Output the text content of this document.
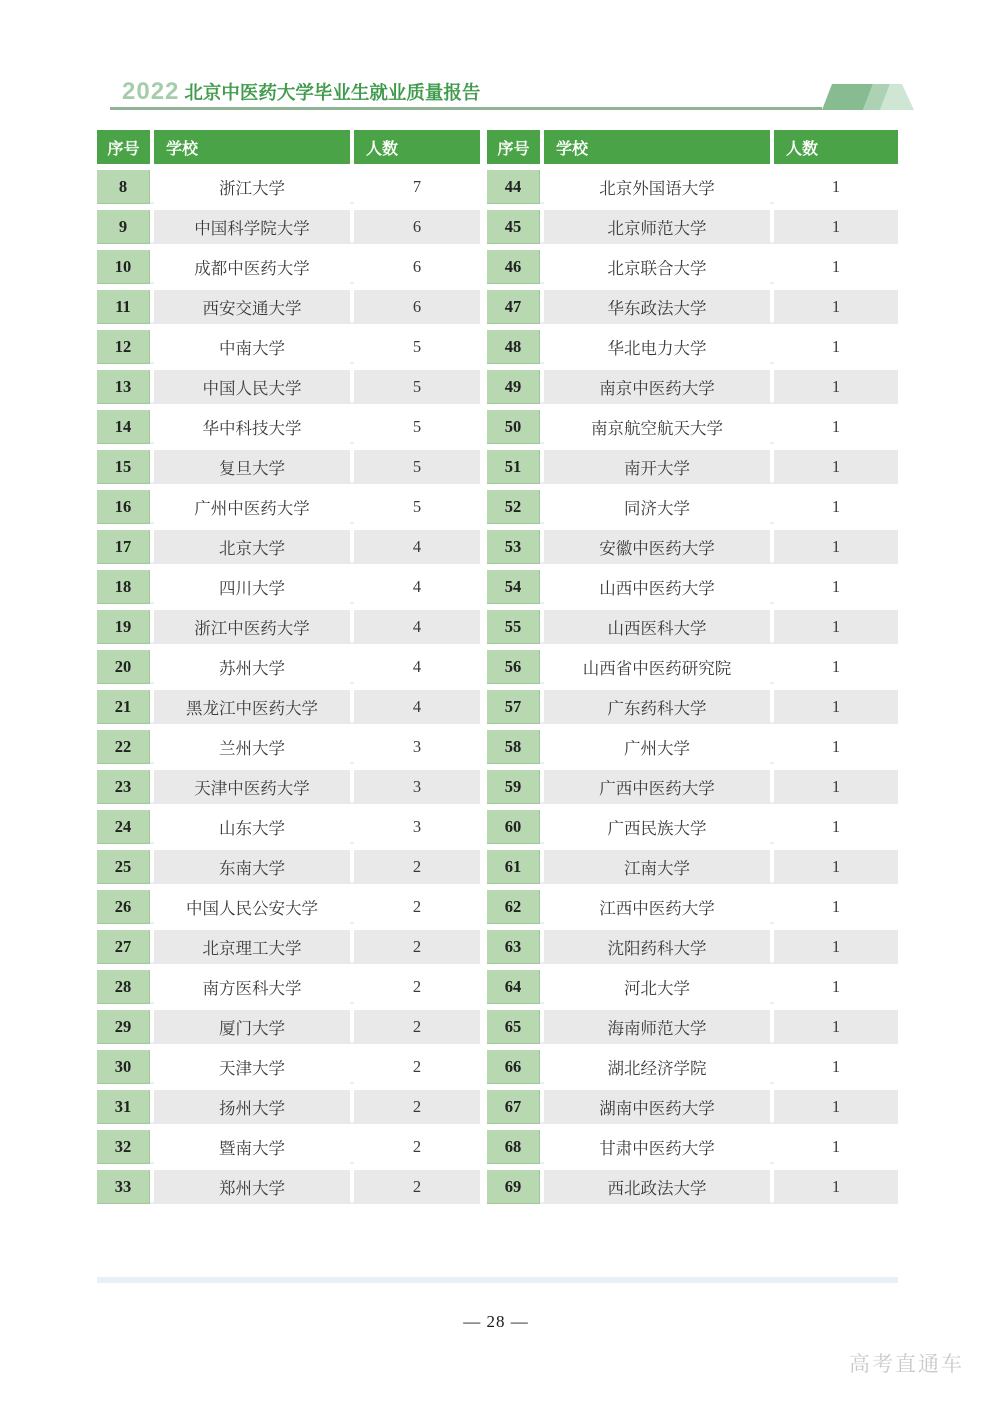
2022 北京中医药大学毕业生就业质量报告
序号	学校	人数
8	浙江大学	7
9	中国科学院大学	6
10	成都中医药大学	6
11	西安交通大学	6
12	中南大学	5
13	中国人民大学	5
14	华中科技大学	5
15	复旦大学	5
16	广州中医药大学	5
17	北京大学	4
18	四川大学	4
19	浙江中医药大学	4
20	苏州大学	4
21	黑龙江中医药大学	4
22	兰州大学	3
23	天津中医药大学	3
24	山东大学	3
25	东南大学	2
26	中国人民公安大学	2
27	北京理工大学	2
28	南方医科大学	2
29	厦门大学	2
30	天津大学	2
31	扬州大学	2
32	暨南大学	2
33	郑州大学	2
序号	学校	人数
44	北京外国语大学	1
45	北京师范大学	1
46	北京联合大学	1
47	华东政法大学	1
48	华北电力大学	1
49	南京中医药大学	1
50	南京航空航天大学	1
51	南开大学	1
52	同济大学	1
53	安徽中医药大学	1
54	山西中医药大学	1
55	山西医科大学	1
56	山西省中医药研究院	1
57	广东药科大学	1
58	广州大学	1
59	广西中医药大学	1
60	广西民族大学	1
61	江南大学	1
62	江西中医药大学	1
63	沈阳药科大学	1
64	河北大学	1
65	海南师范大学	1
66	湖北经济学院	1
67	湖南中医药大学	1
68	甘肃中医药大学	1
69	西北政法大学	1
— 28 —
高考直通车
